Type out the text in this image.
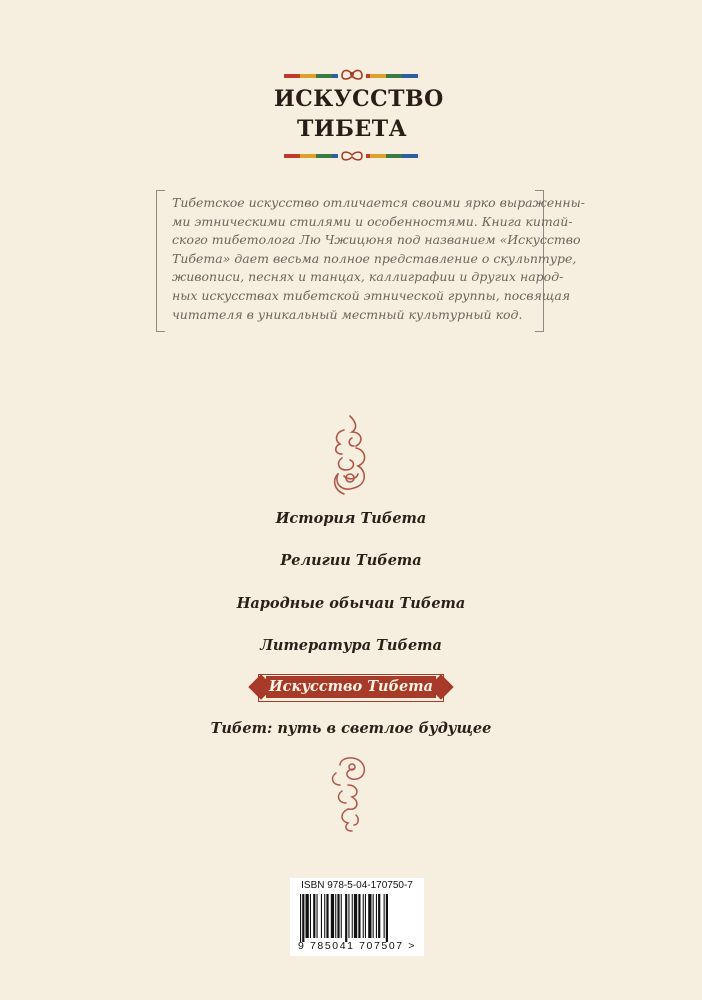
ИСКУССТВО
ТИБЕТА
Тибетское искусство отличается своими ярко выраженны-
ми этническими стилями и особенностями. Книга китай-
ского тибетолога Лю Чжицюня под названием «Искусство
Тибета» дает весьма полное представление о скульптуре,
живописи, песнях и танцах, каллиграфии и других народ-
ных искусствах тибетской этнической группы, посвящая
читателя в уникальный местный культурный код.
История Тибета
Религии Тибета
Народные обычаи Тибета
Литература Тибета
Искусство Тибета
Тибет: путь в светлое будущее
ISBN 978-5-04-170750-7
9 785041 707507 >
